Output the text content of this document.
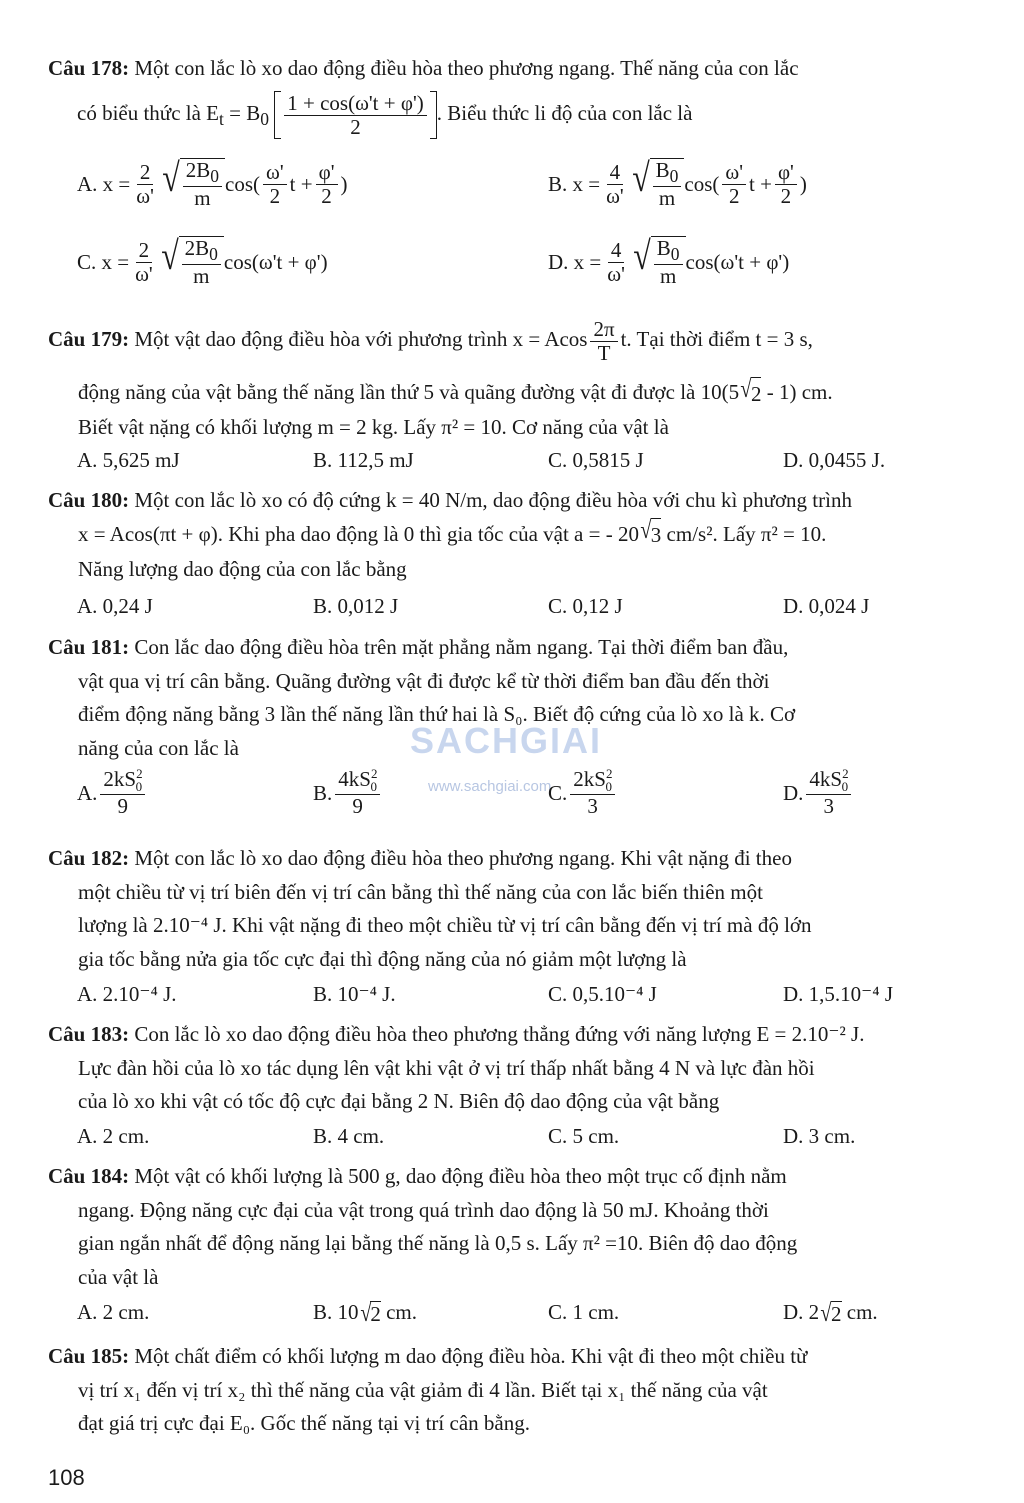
SACHGIAI
www.sachgiai.com
Câu 178: Một con lắc lò xo dao động điều hòa theo phương ngang. Thế năng của con lắc
có biểu thức là $E_t = B_0 \frac{1 + \cos(\omega't + \varphi')}{2}$ . Biểu thức li độ của con lắc là
A. $x = \frac{2}{\omega'}$ √ $\frac{2B_0}{m} \cos( \frac{\omega'}{2}$ $t + \frac{\varphi'}{2}$ )	B. $x = \frac{4}{\omega'}$ √ $\frac{B_0}{m} \cos( \frac{\omega'}{2}$ $t + \frac{\varphi'}{2}$ )
C. $x = \frac{2}{\omega'}$ √ $\frac{2B_0}{m} \cos(\omega't + \varphi')$	D. $x = \frac{4}{\omega'}$ √ $\frac{B_0}{m} \cos(\omega't + \varphi')$
Câu 179: Một vật dao động điều hòa với phương trình x = Acos $\frac{2\pi}{T} t$. Tại thời điểm t = 3 s,
động năng của vật bằng thế năng lần thứ 5 và quãng đường vật đi được là 10(5 √ 2 - 1) cm.
Biết vật nặng có khối lượng m = 2 kg. Lấy π² = 10. Cơ năng của vật là
A. 5,625 mJ	B. 112,5 mJ	C. 0,5815 J	D. 0,0455 J.
Câu 180: Một con lắc lò xo có độ cứng k = 40 N/m, dao động điều hòa với chu kì phương trình
x = Acos(πt + φ). Khi pha dao động là 0 thì gia tốc của vật a = - 20 √ 3 cm/s². Lấy π² = 10.
Năng lượng dao động của con lắc bằng
A. 0,24 J	B. 0,012 J	C. 0,12 J	D. 0,024 J
Câu 181: Con lắc dao động điều hòa trên mặt phẳng nằm ngang. Tại thời điểm ban đầu,
vật qua vị trí cân bằng. Quãng đường vật đi được kể từ thời điểm ban đầu đến thời
điểm động năng bằng 3 lần thế năng lần thứ hai là S₀. Biết độ cứng của lò xo là k. Cơ
năng của con lắc là
A. $\frac{2kS^2_0}{9}$	B. $\frac{4kS^2_0}{9}$	C. $\frac{2kS^2_0}{3}$	D. $\frac{4kS^2_0}{3}$
Câu 182: Một con lắc lò xo dao động điều hòa theo phương ngang. Khi vật nặng đi theo
một chiều từ vị trí biên đến vị trí cân bằng thì thế năng của con lắc biến thiên một
lượng là 2.10⁻⁴ J. Khi vật nặng đi theo một chiều từ vị trí cân bằng đến vị trí mà độ lớn
gia tốc bằng nửa gia tốc cực đại thì động năng của nó giảm một lượng là
A. 2.10⁻⁴ J.	B. 10⁻⁴ J.	C. 0,5.10⁻⁴ J	D. 1,5.10⁻⁴ J
Câu 183: Con lắc lò xo dao động điều hòa theo phương thẳng đứng với năng lượng E = 2.10⁻² J.
Lực đàn hồi của lò xo tác dụng lên vật khi vật ở vị trí thấp nhất bằng 4 N và lực đàn hồi
của lò xo khi vật có tốc độ cực đại bằng 2 N. Biên độ dao động của vật bằng
A. 2 cm.	B. 4 cm.	C. 5 cm.	D. 3 cm.
Câu 184: Một vật có khối lượng là 500 g, dao động điều hòa theo một trục cố định nằm
ngang. Động năng cực đại của vật trong quá trình dao động là 50 mJ. Khoảng thời
gian ngắn nhất để động năng lại bằng thế năng là 0,5 s. Lấy π² =10. Biên độ dao động
của vật là
A. 2 cm.	B. 10 √ 2 cm.	C. 1 cm.	D. 2 √ 2 cm.
Câu 185: Một chất điểm có khối lượng m dao động điều hòa. Khi vật đi theo một chiều từ
vị trí x₁ đến vị trí x₂ thì thế năng của vật giảm đi 4 lần. Biết tại x₁ thế năng của vật
đạt giá trị cực đại E₀. Gốc thế năng tại vị trí cân bằng.
108
